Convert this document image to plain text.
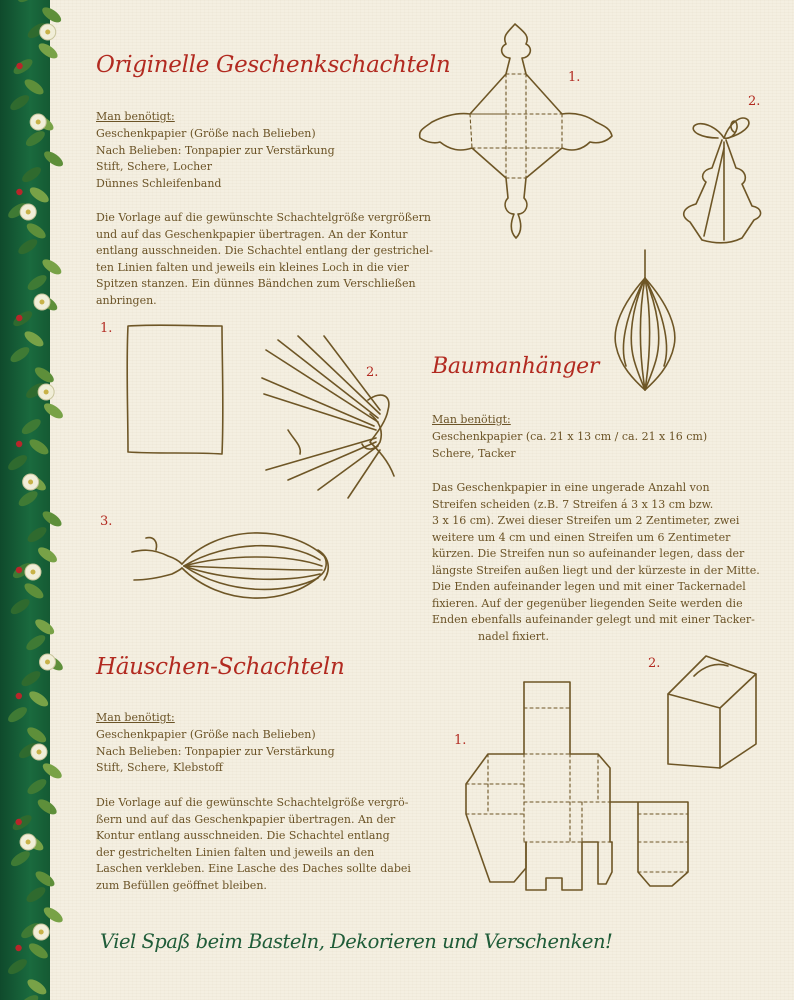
Originelle Geschenkschachteln
Man benötigt:
Geschenkpapier (Größe nach Belieben)
Nach Belieben: Tonpapier zur Verstärkung
Stift, Schere, Locher
Dünnes Schleifenband
Die Vorlage auf die gewünschte Schachtelgröße vergrößern
und auf das Geschenkpapier übertragen. An der Kontur
entlang ausschneiden. Die Schachtel entlang der gestrichel-
ten Linien falten und jeweils ein kleines Loch in die vier
Spitzen stanzen. Ein dünnes Bändchen zum Verschließen
anbringen.
1.
2.
1.
2.
3.
Baumanhänger
Man benötigt:
Geschenkpapier (ca. 21 x 13 cm / ca. 21 x 16 cm)
Schere, Tacker
Das Geschenkpapier in eine ungerade Anzahl von
Streifen scheiden (z.B. 7 Streifen á 3 x 13 cm bzw.
3 x 16 cm). Zwei dieser Streifen um 2 Zentimeter, zwei
weitere um 4 cm und einen Streifen um 6 Zentimeter
kürzen. Die Streifen nun so aufeinander legen, dass der
längste Streifen außen liegt und der kürzeste in der Mitte.
Die Enden aufeinander legen und mit einer Tackernadel
fixieren. Auf der gegenüber liegenden Seite werden die
Enden ebenfalls aufeinander gelegt und mit einer Tacker-
nadel fixiert.
Häuschen-Schachteln
Man benötigt:
Geschenkpapier (Größe nach Belieben)
Nach Belieben: Tonpapier zur Verstärkung
Stift, Schere, Klebstoff
Die Vorlage auf die gewünschte Schachtelgröße vergrö-
ßern und auf das Geschenkpapier übertragen. An der
Kontur entlang ausschneiden. Die Schachtel entlang
der gestrichelten Linien falten und jeweils an den
Laschen verkleben. Eine Lasche des Daches sollte dabei
zum Befüllen geöffnet bleiben.
1.
2.
Viel Spaß beim Basteln, Dekorieren und Verschenken!
